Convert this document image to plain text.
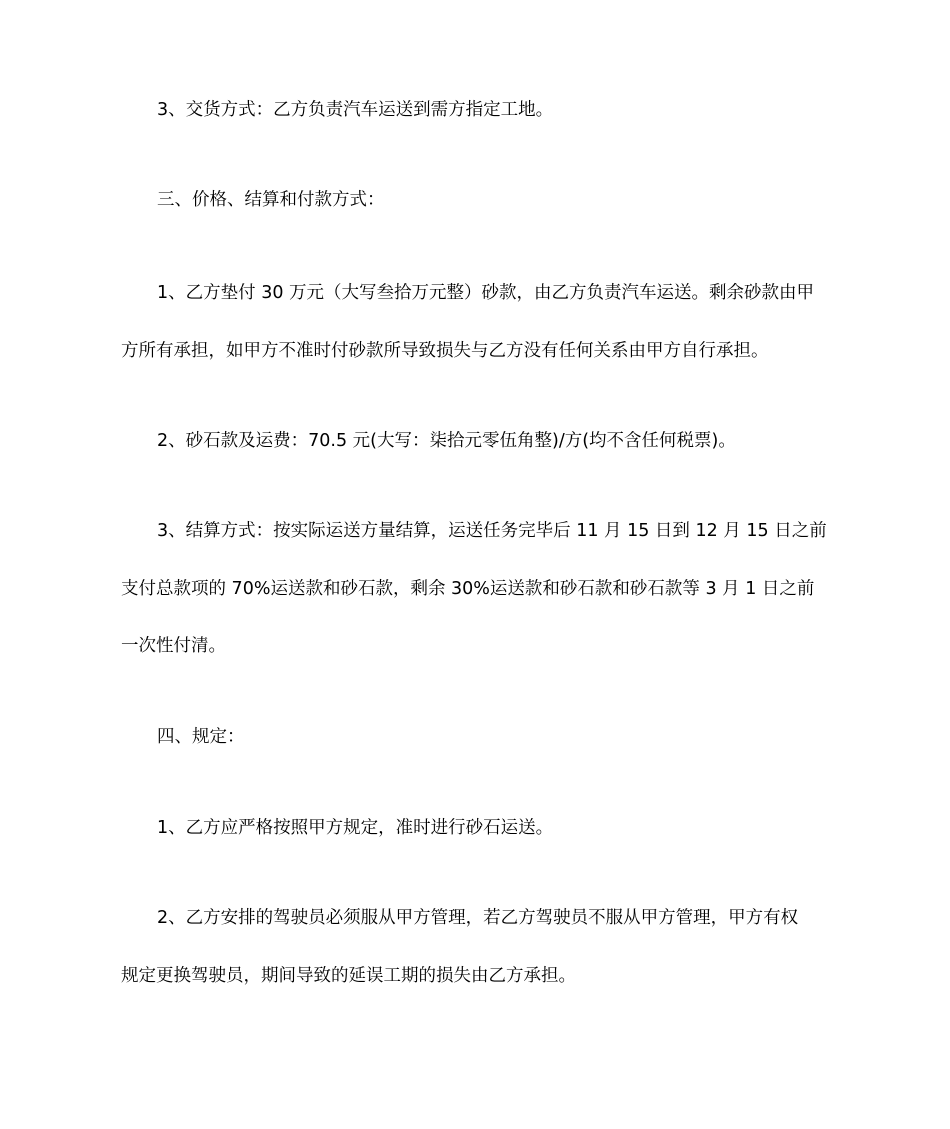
3、交货方式：乙方负责汽车运送到需方指定工地。
三、价格、结算和付款方式：
1、乙方垫付 30 万元（大写叁拾万元整）砂款，由乙方负责汽车运送。剩余砂款由甲
方所有承担，如甲方不准时付砂款所导致损失与乙方没有任何关系由甲方自行承担。
2、砂石款及运费：70.5 元(大写：柒拾元零伍角整)/方(均不含任何税票)。
3、结算方式：按实际运送方量结算，运送任务完毕后 11 月 15 日到 12 月 15 日之前
支付总款项的 70%运送款和砂石款，剩余 30%运送款和砂石款和砂石款等 3 月 1 日之前
一次性付清。
四、规定：
1、乙方应严格按照甲方规定，准时进行砂石运送。
2、乙方安排的驾驶员必须服从甲方管理，若乙方驾驶员不服从甲方管理，甲方有权
规定更换驾驶员，期间导致的延误工期的损失由乙方承担。
